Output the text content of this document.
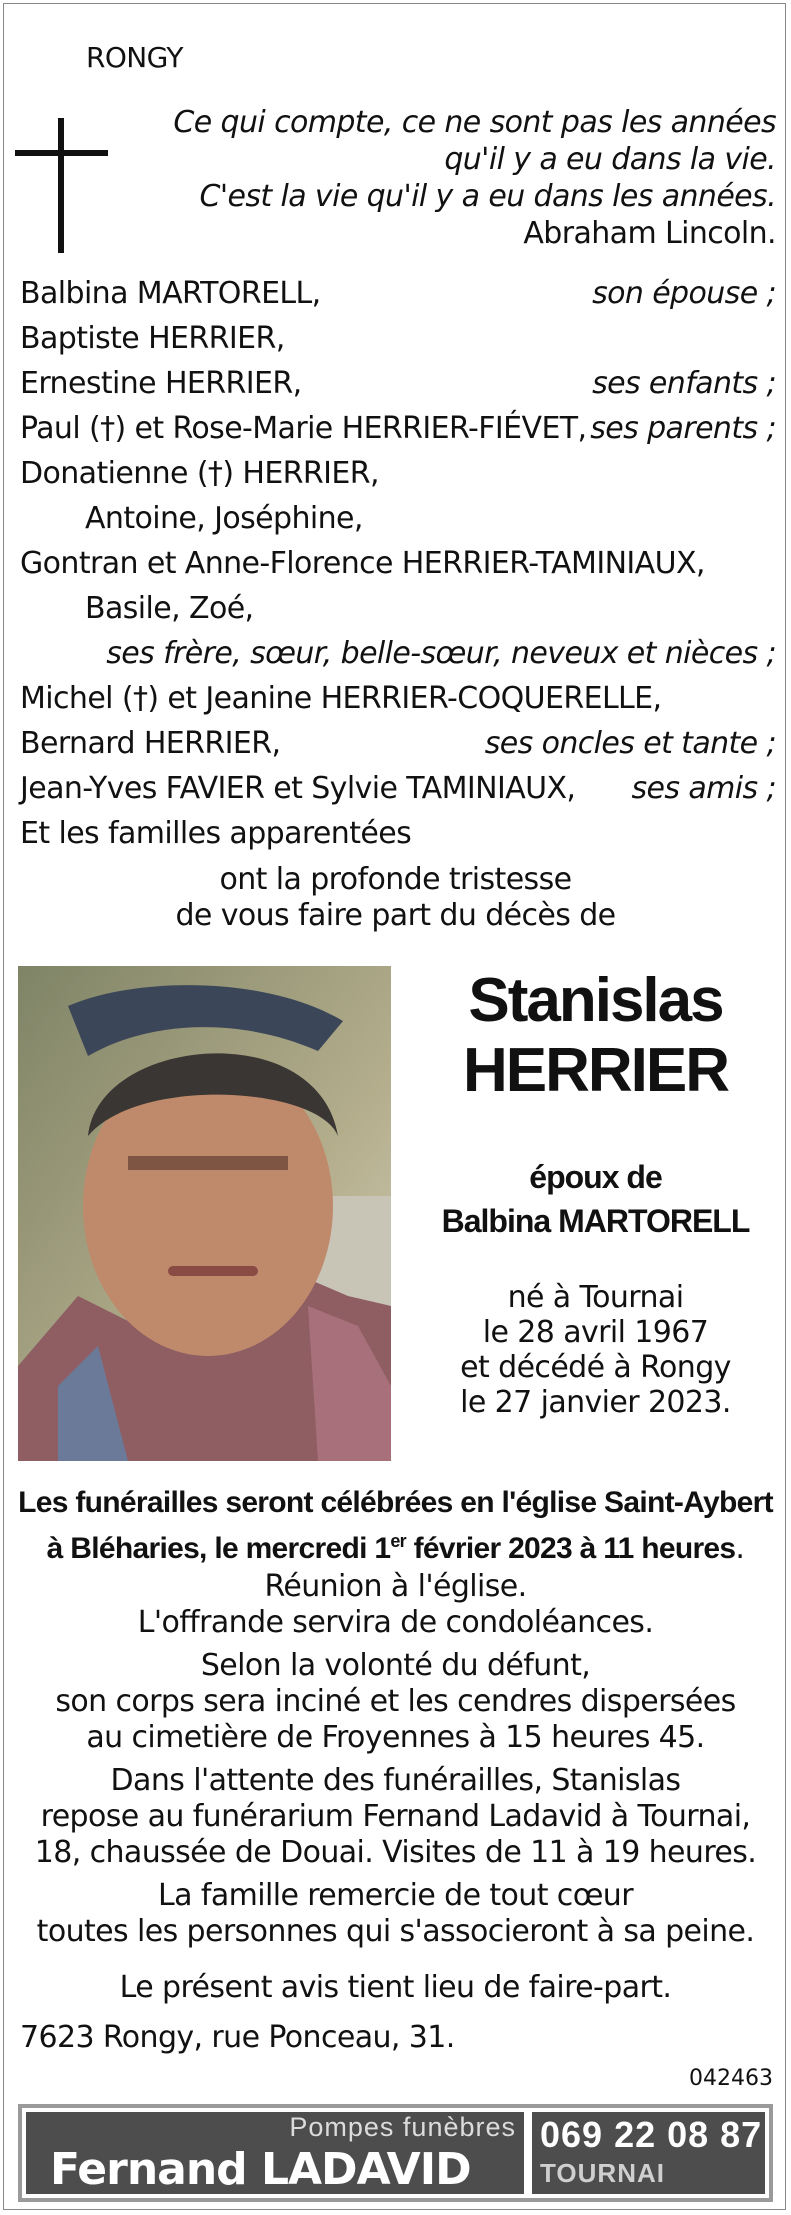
RONGY
Ce qui compte, ce ne sont pas les années
qu'il y a eu dans la vie.
C'est la vie qu'il y a eu dans les années.
Abraham Lincoln.
Balbina MARTORELL,	son épouse ;
Baptiste HERRIER,
Ernestine HERRIER,	ses enfants ;
Paul (†) et Rose-Marie HERRIER-FIÉVET, ses parents ;
Donatienne (†) HERRIER,
Antoine, Joséphine,
Gontran et Anne-Florence HERRIER-TAMINIAUX,
Basile, Zoé,
ses frère, sœur, belle-sœur, neveux et nièces ;
Michel (†) et Jeanine HERRIER-COQUERELLE,
Bernard HERRIER,	ses oncles et tante ;
Jean-Yves FAVIER et Sylvie TAMINIAUX, ses amis ;
Et les familles apparentées
ont la profonde tristesse
de vous faire part du décès de
Stanislas
HERRIER
époux de
Balbina MARTORELL
né à Tournai
le 28 avril 1967
et décédé à Rongy
le 27 janvier 2023.
Les funérailles seront célébrées en l'église Saint-Aybert
à Bléharies, le mercredi 1er février 2023 à 11 heures.
Réunion à l'église.
L'offrande servira de condoléances.
Selon la volonté du défunt,
son corps sera inciné et les cendres dispersées
au cimetière de Froyennes à 15 heures 45.
Dans l'attente des funérailles, Stanislas
repose au funérarium Fernand Ladavid à Tournai,
18, chaussée de Douai. Visites de 11 à 19 heures.
La famille remercie de tout cœur
toutes les personnes qui s'associeront à sa peine.
Le présent avis tient lieu de faire-part.
7623 Rongy, rue Ponceau, 31.
042463
Pompes funèbres
Fernand LADAVID
069 22 08 87
TOURNAI
